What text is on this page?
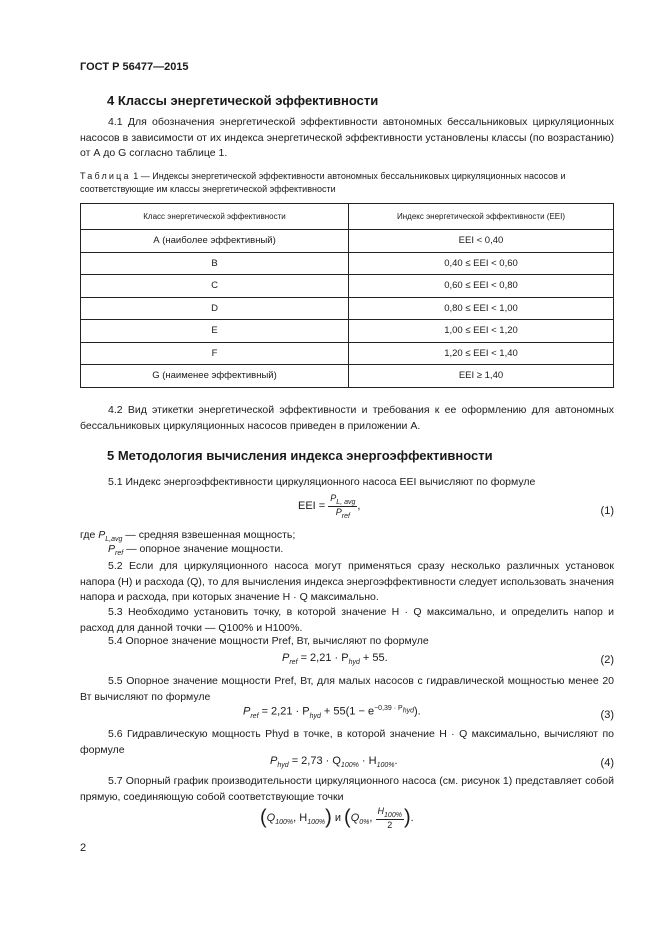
ГОСТ Р 56477—2015
4 Классы энергетической эффективности
4.1 Для обозначения энергетической эффективности автономных бессальниковых циркуляционных насосов в зависимости от их индекса энергетической эффективности установлены классы (по возрастанию) от А до G согласно таблице 1.
Таблица 1 — Индексы энергетической эффективности автономных бессальниковых циркуляционных насосов и соответствующие им классы энергетической эффективности
Класс энергетической эффективности	Индекс энергетической эффективности (EEI)
А (наиболее эффективный)	EEI < 0,40
B	0,40 ≤ EEI < 0,60
C	0,60 ≤ EEI < 0,80
D	0,80 ≤ EEI < 1,00
E	1,00 ≤ EEI < 1,20
F	1,20 ≤ EEI < 1,40
G (наименее эффективный)	EEI ≥ 1,40
4.2 Вид этикетки энергетической эффективности и требования к ее оформлению для автономных бессальниковых циркуляционных насосов приведен в приложении А.
5 Методология вычисления индекса энергоэффективности
5.1 Индекс энергоэффективности циркуляционного насоса EEI вычисляют по формуле
EEI = $\frac{P_{L, avg}}{P_{ref}}$ ,	(1)
где $P_{L,avg}$ — средняя взвешенная мощность;
$P_{ref}$ — опорное значение мощности.
5.2 Если для циркуляционного насоса могут применяться сразу несколько различных установок напора (H) и расхода (Q), то для вычисления индекса энергоэффективности следует использовать значения напора и расхода, при которых значение H · Q максимально.
5.3 Необходимо установить точку, в которой значение H · Q максимально, и определить напор и расход для данной точки — Q100% и H100%.
5.4 Опорное значение мощности Pref, Вт, вычисляют по формуле
$P_{ref} = 2,21 \cdot P_{hyd} + 55$.	(2)
5.5 Опорное значение мощности Pref, Вт, для малых насосов с гидравлической мощностью менее 20 Вт вычисляют по формуле
$P_{ref} = 2,21 \cdot P_{hyd} + 55(1 - e^{-0,39 \cdot P_{hyd}})$.	(3)
5.6 Гидравлическую мощность Phyd в точке, в которой значение H · Q максимально, вычисляют по формуле
$P_{hyd} = 2,73 \cdot Q_{100\%} \cdot H_{100\%}$.	(4)
5.7 Опорный график производительности циркуляционного насоса (см. рисунок 1) представляет собой прямую, соединяющую собой соответствующие точки
($Q_{100\%}$, $H_{100\%}$) и ($Q_{0\%}$, $\frac{H_{100\%}}{2}$ ).
2
